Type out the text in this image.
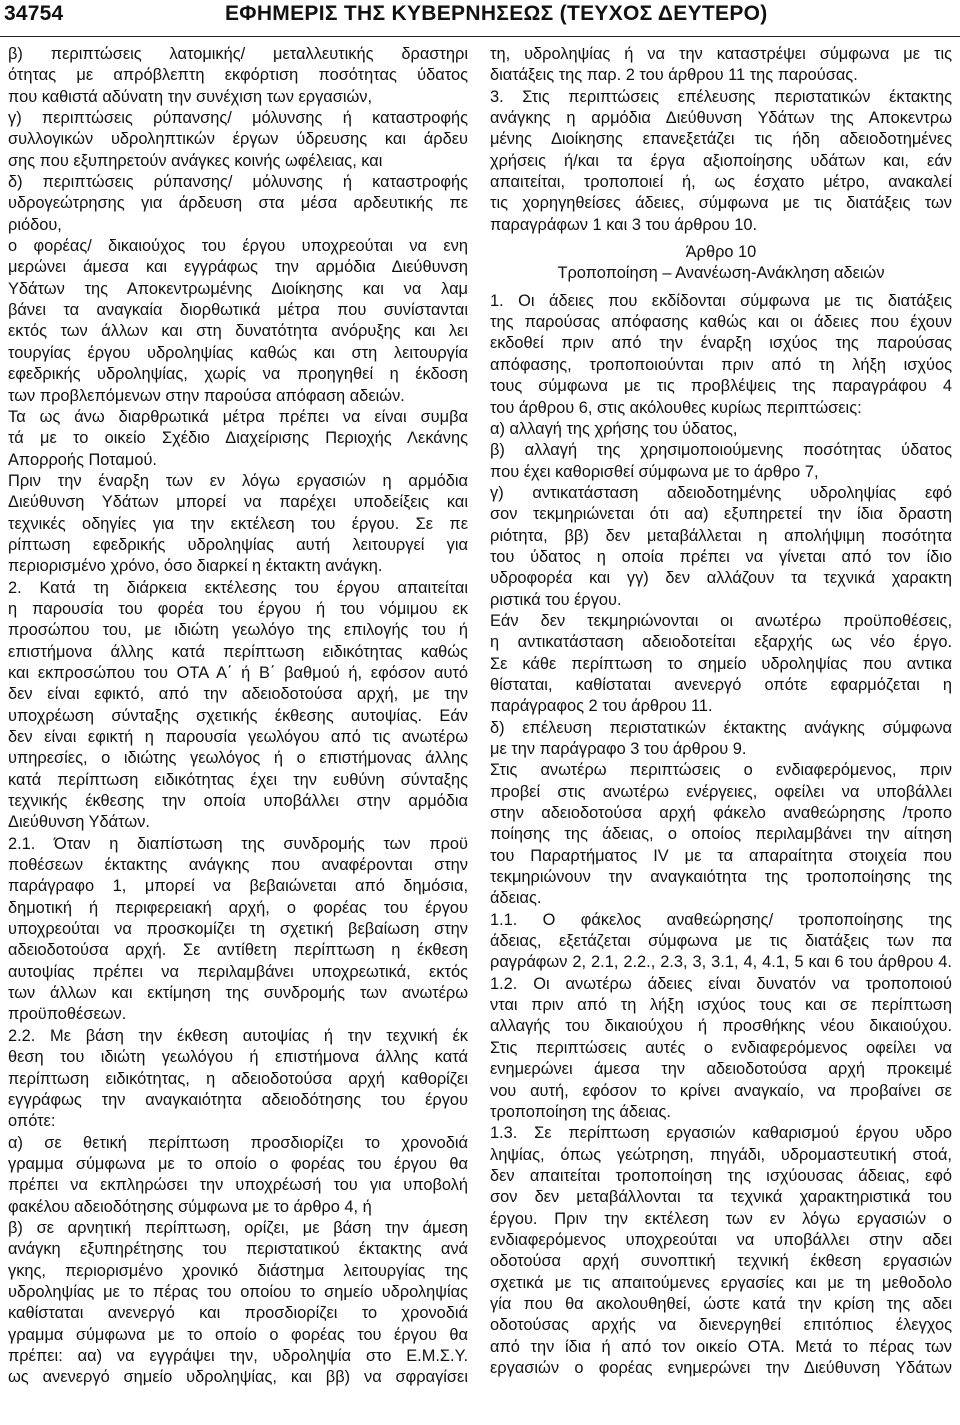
34754	ΕΦΗΜΕΡΙΣ ΤΗΣ ΚΥΒΕΡΝΗΣΕΩΣ (ΤΕΥΧΟΣ ΔΕΥΤΕΡΟ)
β) περιπτώσεις λατομικής/ μεταλλευτικής δραστηρι
ότητας με απρόβλεπτη εκφόρτιση ποσότητας ύδατος
που καθιστά αδύνατη την συνέχιση των εργασιών,
γ) περιπτώσεις ρύπανσης/ μόλυνσης ή καταστροφής
συλλογικών υδροληπτικών έργων ύδρευσης και άρδευ
σης που εξυπηρετούν ανάγκες κοινής ωφέλειας, και
δ) περιπτώσεις ρύπανσης/ μόλυνσης ή καταστροφής
υδρογεώτρησης για άρδευση στα μέσα αρδευτικής πε
ριόδου,
ο φορέας/ δικαιούχος του έργου υποχρεούται να ενη
μερώνει άμεσα και εγγράφως την αρμόδια Διεύθυνση
Υδάτων της Αποκεντρωμένης Διοίκησης και να λαμ
βάνει τα αναγκαία διορθωτικά μέτρα που συνίστανται
εκτός των άλλων και στη δυνατότητα ανόρυξης και λει
τουργίας έργου υδροληψίας καθώς και στη λειτουργία
εφεδρικής υδροληψίας, χωρίς να προηγηθεί η έκδοση
των προβλεπόμενων στην παρούσα απόφαση αδειών.
Τα ως άνω διαρθρωτικά μέτρα πρέπει να είναι συμβα
τά με το οικείο Σχέδιο Διαχείρισης Περιοχής Λεκάνης
Απορροής Ποταμού.
Πριν την έναρξη των εν λόγω εργασιών η αρμόδια
Διεύθυνση Υδάτων μπορεί να παρέχει υποδείξεις και
τεχνικές οδηγίες για την εκτέλεση του έργου. Σε πε
ρίπτωση εφεδρικής υδροληψίας αυτή λειτουργεί για
περιορισμένο χρόνο, όσο διαρκεί η έκτακτη ανάγκη.
2. Κατά τη διάρκεια εκτέλεσης του έργου απαιτείται
η παρουσία του φορέα του έργου ή του νόμιμου εκ
προσώπου του, με ιδιώτη γεωλόγο της επιλογής του ή
επιστήμονα άλλης κατά περίπτωση ειδικότητας καθώς
και εκπροσώπου του ΟΤΑ Α΄ ή Β΄ βαθμού ή, εφόσον αυτό
δεν είναι εφικτό, από την αδειοδοτούσα αρχή, με την
υποχρέωση σύνταξης σχετικής έκθεσης αυτοψίας. Εάν
δεν είναι εφικτή η παρουσία γεωλόγου από τις ανωτέρω
υπηρεσίες, ο ιδιώτης γεωλόγος ή ο επιστήμονας άλλης
κατά περίπτωση ειδικότητας έχει την ευθύνη σύνταξης
τεχνικής έκθεσης την οποία υποβάλλει στην αρμόδια
Διεύθυνση Υδάτων.
2.1. Όταν η διαπίστωση της συνδρομής των προϋ
ποθέσεων έκτακτης ανάγκης που αναφέρονται στην
παράγραφο 1, μπορεί να βεβαιώνεται από δημόσια,
δημοτική ή περιφερειακή αρχή, ο φορέας του έργου
υποχρεούται να προσκομίζει τη σχετική βεβαίωση στην
αδειοδοτούσα αρχή. Σε αντίθετη περίπτωση η έκθεση
αυτοψίας πρέπει να περιλαμβάνει υποχρεωτικά, εκτός
των άλλων και εκτίμηση της συνδρομής των ανωτέρω
προϋποθέσεων.
2.2. Με βάση την έκθεση αυτοψίας ή την τεχνική έκ
θεση του ιδιώτη γεωλόγου ή επιστήμονα άλλης κατά
περίπτωση ειδικότητας, η αδειοδοτούσα αρχή καθορίζει
εγγράφως την αναγκαιότητα αδειοδότησης του έργου
οπότε:
α) σε θετική περίπτωση προσδιορίζει το χρονοδιά
γραμμα σύμφωνα με το οποίο ο φορέας του έργου θα
πρέπει να εκπληρώσει την υποχρέωσή του για υποβολή
φακέλου αδειοδότησης σύμφωνα με το άρθρο 4, ή
β) σε αρνητική περίπτωση, ορίζει, με βάση την άμεση
ανάγκη εξυπηρέτησης του περιστατικού έκτακτης ανά
γκης, περιορισμένο χρονικό διάστημα λειτουργίας της
υδροληψίας με το πέρας του οποίου το σημείο υδροληψίας
καθίσταται ανενεργό και προσδιορίζει το χρονοδιά
γραμμα σύμφωνα με το οποίο ο φορέας του έργου θα
πρέπει: αα) να εγγράψει την, υδροληψία στο Ε.Μ.Σ.Υ.
ως ανενεργό σημείο υδροληψίας, και ββ) να σφραγίσει
τη, υδροληψίας ή να την καταστρέψει σύμφωνα με τις
διατάξεις της παρ. 2 του άρθρου 11 της παρούσας.
3. Στις περιπτώσεις επέλευσης περιστατικών έκτακτης
ανάγκης η αρμόδια Διεύθυνση Υδάτων της Αποκεντρω
μένης Διοίκησης επανεξετάζει τις ήδη αδειοδοτημένες
χρήσεις ή/και τα έργα αξιοποίησης υδάτων και, εάν
απαιτείται, τροποποιεί ή, ως έσχατο μέτρο, ανακαλεί
τις χορηγηθείσες άδειες, σύμφωνα με τις διατάξεις των
παραγράφων 1 και 3 του άρθρου 10.
Άρθρο 10
Τροποποίηση – Ανανέωση-Ανάκληση αδειών
1. Οι άδειες που εκδίδονται σύμφωνα με τις διατάξεις
της παρούσας απόφασης καθώς και οι άδειες που έχουν
εκδοθεί πριν από την έναρξη ισχύος της παρούσας
απόφασης, τροποποιούνται πριν από τη λήξη ισχύος
τους σύμφωνα με τις προβλέψεις της παραγράφου 4
του άρθρου 6, στις ακόλουθες κυρίως περιπτώσεις:
α) αλλαγή της χρήσης του ύδατος,
β) αλλαγή της χρησιμοποιούμενης ποσότητας ύδατος
που έχει καθορισθεί σύμφωνα με το άρθρο 7,
γ) αντικατάσταση αδειοδοτημένης υδροληψίας εφό
σον τεκμηριώνεται ότι αα) εξυπηρετεί την ίδια δραστη
ριότητα, ββ) δεν μεταβάλλεται η απολήψιμη ποσότητα
του ύδατος η οποία πρέπει να γίνεται από τον ίδιο
υδροφορέα και γγ) δεν αλλάζουν τα τεχνικά χαρακτη
ριστικά του έργου.
Εάν δεν τεκμηριώνονται οι ανωτέρω προϋποθέσεις,
η αντικατάσταση αδειοδοτείται εξαρχής ως νέο έργο.
Σε κάθε περίπτωση το σημείο υδροληψίας που αντικα
θίσταται, καθίσταται ανενεργό οπότε εφαρμόζεται η
παράγραφος 2 του άρθρου 11.
δ) επέλευση περιστατικών έκτακτης ανάγκης σύμφωνα
με την παράγραφο 3 του άρθρου 9.
Στις ανωτέρω περιπτώσεις ο ενδιαφερόμενος, πριν
προβεί στις ανωτέρω ενέργειες, οφείλει να υποβάλλει
στην αδειοδοτούσα αρχή φάκελο αναθεώρησης /τροπο
ποίησης της άδειας, ο οποίος περιλαμβάνει την αίτηση
του Παραρτήματος IV με τα απαραίτητα στοιχεία που
τεκμηριώνουν την αναγκαιότητα της τροποποίησης της
άδειας.
1.1. Ο φάκελος αναθεώρησης/ τροποποίησης της
άδειας, εξετάζεται σύμφωνα με τις διατάξεις των πα
ραγράφων 2, 2.1, 2.2., 2.3, 3, 3.1, 4, 4.1, 5 και 6 του άρθρου 4.
1.2. Οι ανωτέρω άδειες είναι δυνατόν να τροποποιού
νται πριν από τη λήξη ισχύος τους και σε περίπτωση
αλλαγής του δικαιούχου ή προσθήκης νέου δικαιούχου.
Στις περιπτώσεις αυτές ο ενδιαφερόμενος οφείλει να
ενημερώνει άμεσα την αδειοδοτούσα αρχή προκειμέ
νου αυτή, εφόσον το κρίνει αναγκαίο, να προβαίνει σε
τροποποίηση της άδειας.
1.3. Σε περίπτωση εργασιών καθαρισμού έργου υδρο
ληψίας, όπως γεώτρηση, πηγάδι, υδρομαστευτική στοά,
δεν απαιτείται τροποποίηση της ισχύουσας άδειας, εφό
σον δεν μεταβάλλονται τα τεχνικά χαρακτηριστικά του
έργου. Πριν την εκτέλεση των εν λόγω εργασιών ο
ενδιαφερόμενος υποχρεούται να υποβάλλει στην αδει
οδοτούσα αρχή συνοπτική τεχνική έκθεση εργασιών
σχετικά με τις απαιτούμενες εργασίες και με τη μεθοδολο
γία που θα ακολουθηθεί, ώστε κατά την κρίση της αδει
οδοτούσας αρχής να διενεργηθεί επιτόπιος έλεγχος
από την ίδια ή από τον οικείο ΟΤΑ. Μετά το πέρας των
εργασιών ο φορέας ενημερώνει την Διεύθυνση Υδάτων
